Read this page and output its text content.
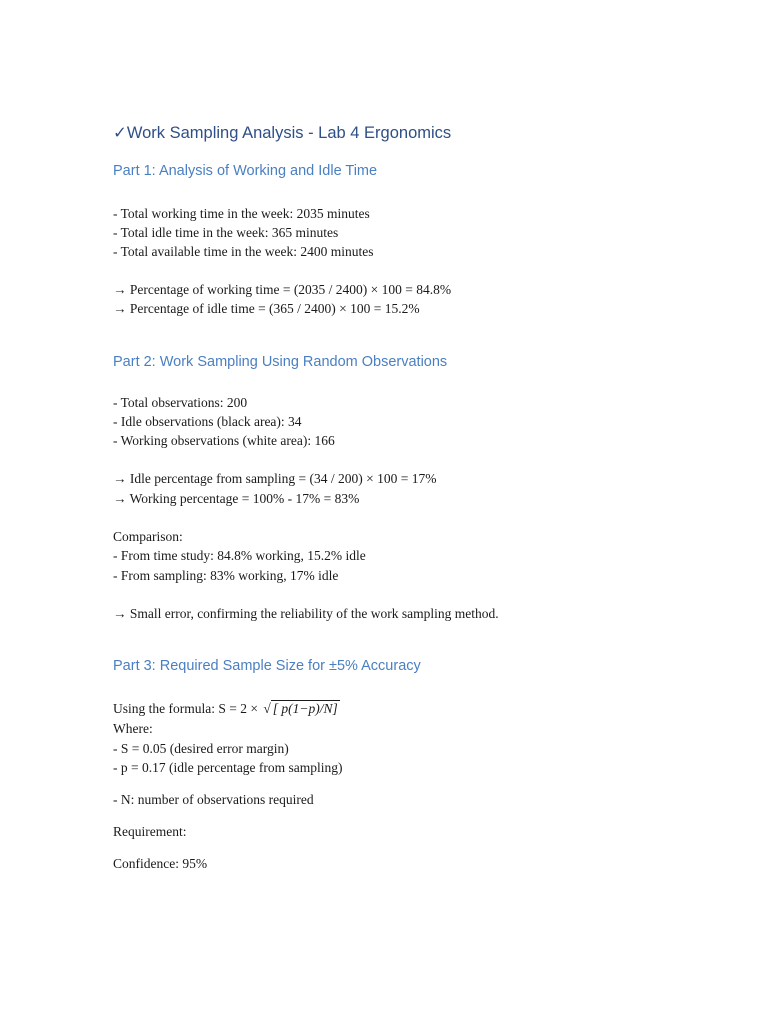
✓Work Sampling Analysis - Lab 4 Ergonomics
Part 1: Analysis of Working and Idle Time
- Total working time in the week: 2035 minutes
- Total idle time in the week: 365 minutes
- Total available time in the week: 2400 minutes
→ Percentage of working time = (2035 / 2400) × 100 = 84.8%
→ Percentage of idle time = (365 / 2400) × 100 = 15.2%
Part 2: Work Sampling Using Random Observations
- Total observations: 200
- Idle observations (black area): 34
- Working observations (white area): 166
→ Idle percentage from sampling = (34 / 200) × 100 = 17%
→ Working percentage = 100% - 17% = 83%
Comparison:
- From time study: 84.8% working, 15.2% idle
- From sampling: 83% working, 17% idle
→ Small error, confirming the reliability of the work sampling method.
Part 3: Required Sample Size for ±5% Accuracy
Using the formula: S = 2 × √ [ p(1−p)/N]
Where:
- S = 0.05 (desired error margin)
- p = 0.17 (idle percentage from sampling)
- N: number of observations required
Requirement:
Confidence: 95%
